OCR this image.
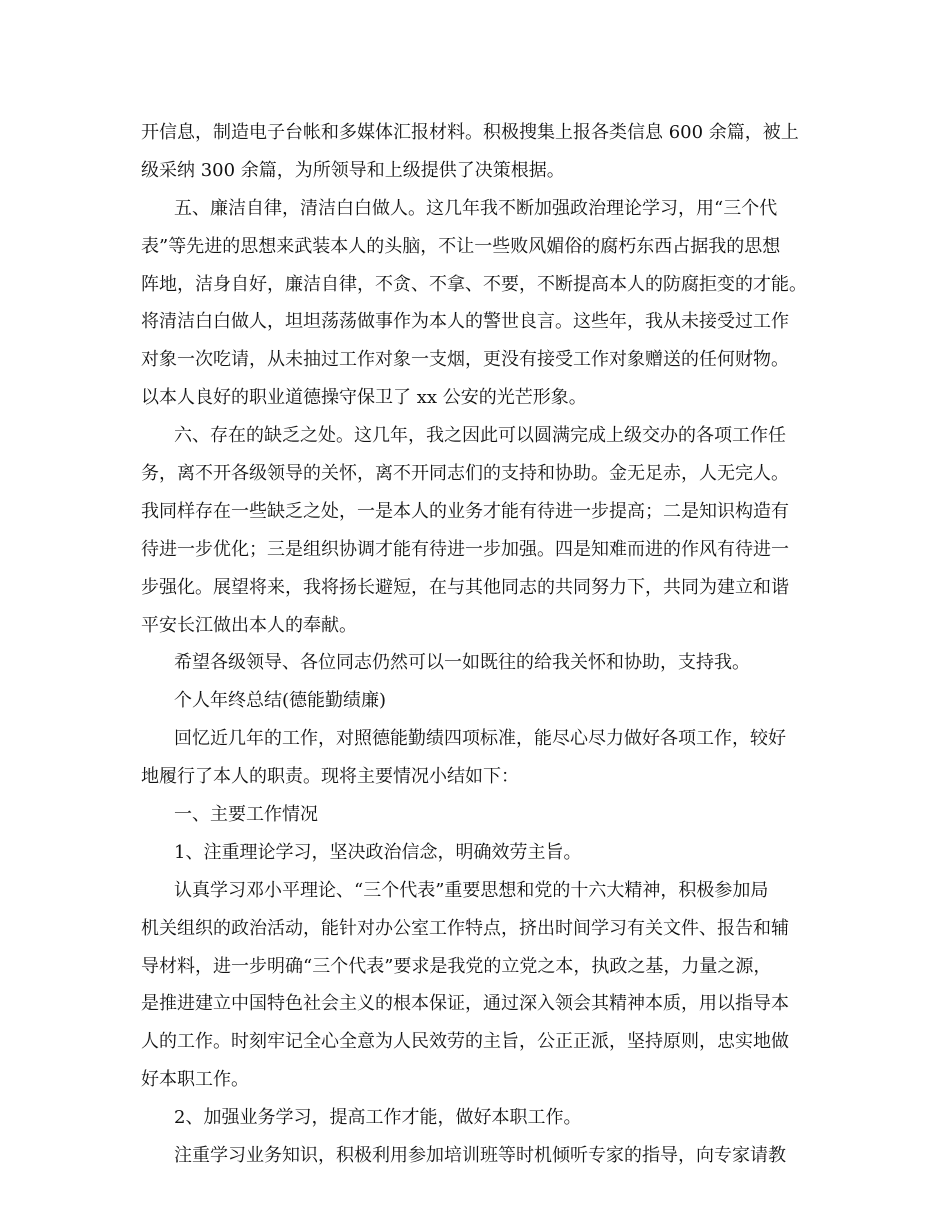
开信息，制造电子台帐和多媒体汇报材料。积极搜集上报各类信息 600 余篇，被上
级采纳 300 余篇，为所领导和上级提供了决策根据。
五、廉洁自律，清洁白白做人。这几年我不断加强政治理论学习，用“三个代
表”等先进的思想来武装本人的头脑，不让一些败风媚俗的腐朽东西占据我的思想
阵地，洁身自好，廉洁自律，不贪、不拿、不要，不断提高本人的防腐拒变的才能。
将清洁白白做人，坦坦荡荡做事作为本人的警世良言。这些年，我从未接受过工作
对象一次吃请，从未抽过工作对象一支烟，更没有接受工作对象赠送的任何财物。
以本人良好的职业道德操守保卫了 xx 公安的光芒形象。
六、存在的缺乏之处。这几年，我之因此可以圆满完成上级交办的各项工作任
务，离不开各级领导的关怀，离不开同志们的支持和协助。金无足赤，人无完人。
我同样存在一些缺乏之处，一是本人的业务才能有待进一步提高；二是知识构造有
待进一步优化；三是组织协调才能有待进一步加强。四是知难而进的作风有待进一
步强化。展望将来，我将扬长避短，在与其他同志的共同努力下，共同为建立和谐
平安长江做出本人的奉献。
希望各级领导、各位同志仍然可以一如既往的给我关怀和协助，支持我。
个人年终总结(德能勤绩廉)
回忆近几年的工作，对照德能勤绩四项标准，能尽心尽力做好各项工作，较好
地履行了本人的职责。现将主要情况小结如下：
一、主要工作情况
1、注重理论学习，坚决政治信念，明确效劳主旨。
认真学习邓小平理论、“三个代表”重要思想和党的十六大精神，积极参加局
机关组织的政治活动，能针对办公室工作特点，挤出时间学习有关文件、报告和辅
导材料，进一步明确“三个代表”要求是我党的立党之本，执政之基，力量之源，
是推进建立中国特色社会主义的根本保证，通过深入领会其精神本质，用以指导本
人的工作。时刻牢记全心全意为人民效劳的主旨，公正正派，坚持原则，忠实地做
好本职工作。
2、加强业务学习，提高工作才能，做好本职工作。
注重学习业务知识，积极利用参加培训班等时机倾听专家的指导，向专家请教
